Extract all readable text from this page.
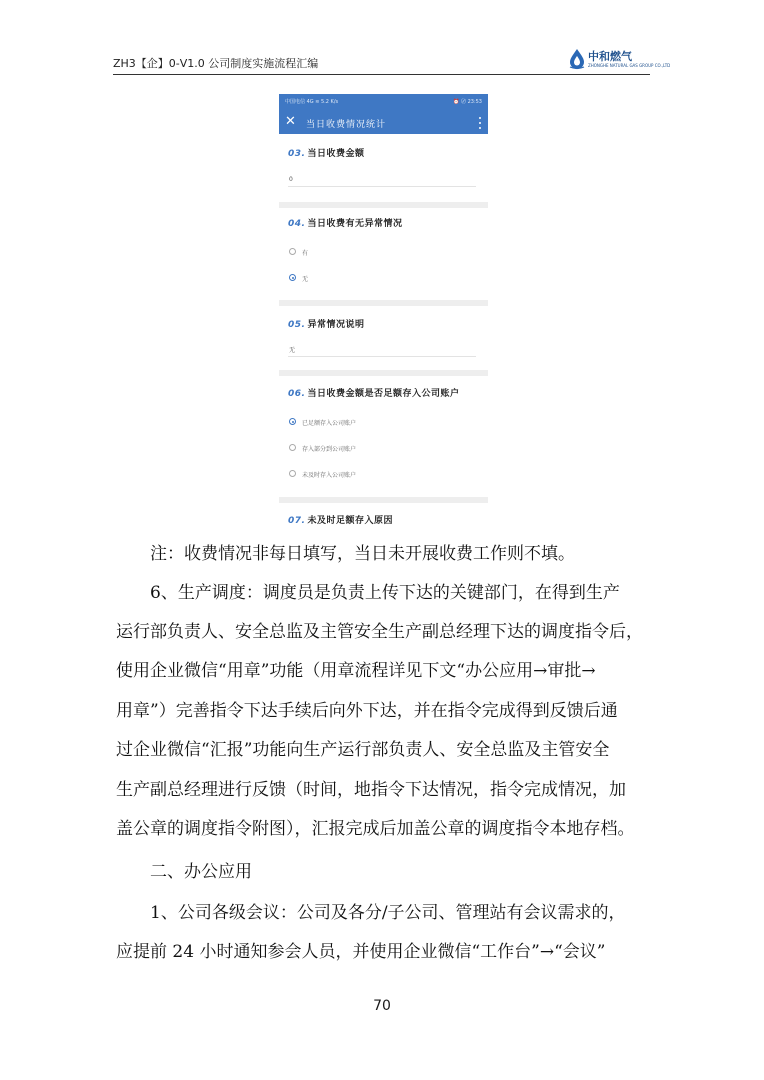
ZH3【企】0-V1.0 公司制度实施流程汇编
中和燃气
ZHONGHE NATURAL GAS GROUP CO.,LTD
中国电信 4G ≋ 5.2 K/s	⏰ 〄 23:53
✕ 当日收费情况统计
03. 当日收费金额
0
04. 当日收费有无异常情况
有
无
05. 异常情况说明
无
06. 当日收费金额是否足额存入公司账户
已足额存入公司账户
存入部分到公司账户
未及时存入公司账户
07. 未及时足额存入原因
注：收费情况非每日填写，当日未开展收费工作则不填。
6、生产调度：调度员是负责上传下达的关键部门，在得到生产
运行部负责人、安全总监及主管安全生产副总经理下达的调度指令后，
使用企业微信“用章”功能（用章流程详见下文“办公应用→审批→
用章”）完善指令下达手续后向外下达，并在指令完成得到反馈后通
过企业微信“汇报”功能向生产运行部负责人、安全总监及主管安全
生产副总经理进行反馈（时间，地指令下达情况，指令完成情况，加
盖公章的调度指令附图），汇报完成后加盖公章的调度指令本地存档。
二、办公应用
1、公司各级会议：公司及各分/子公司、管理站有会议需求的，
应提前 24 小时通知参会人员，并使用企业微信“工作台”→“会议”
70
